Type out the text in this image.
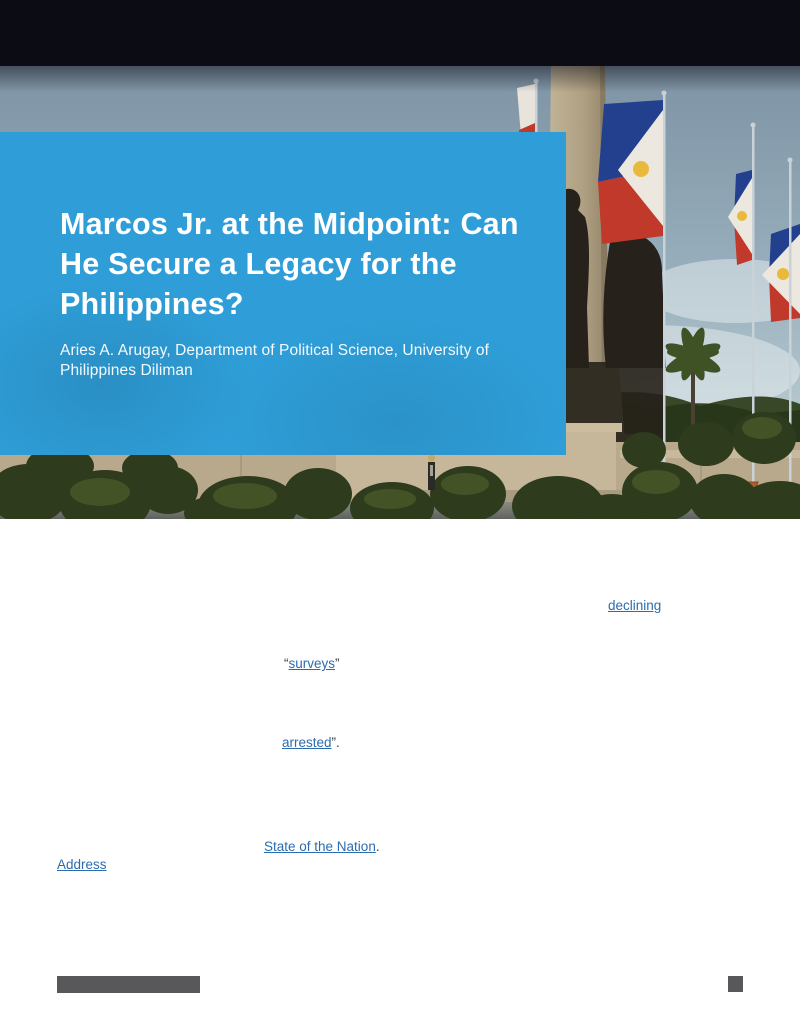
Marcos Jr. at the Midpoint: Can He Secure a Legacy for the Philippines?

Aries A. Arugay, Department of Political Science, University of Philippines Diliman

declining
“surveys”
arrested”.
State of the Nation.
Address
